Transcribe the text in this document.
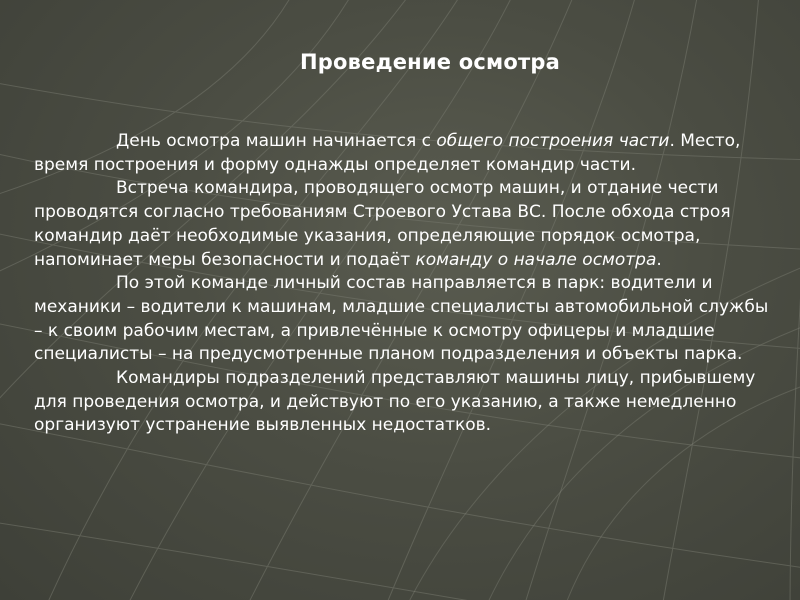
Проведение осмотра

День осмотра машин начинается с общего построения части. Место, время построения и форму однажды определяет командир части.

Встреча командира, проводящего осмотр машин, и отдание чести проводятся согласно требованиям Строевого Устава ВС. После обхода строя командир даёт необходимые указания, определяющие порядок осмотра, напоминает меры безопасности и подаёт команду о начале осмотра.

По этой команде личный состав направляется в парк: водители и механики – водители к машинам, младшие специалисты автомобильной службы – к своим рабочим местам, а привлечённые к осмотру офицеры и младшие специалисты – на предусмотренные планом подразделения и объекты парка.

Командиры подразделений представляют машины лицу, прибывшему для проведения осмотра, и действуют по его указанию, а также немедленно организуют устранение выявленных недостатков.
